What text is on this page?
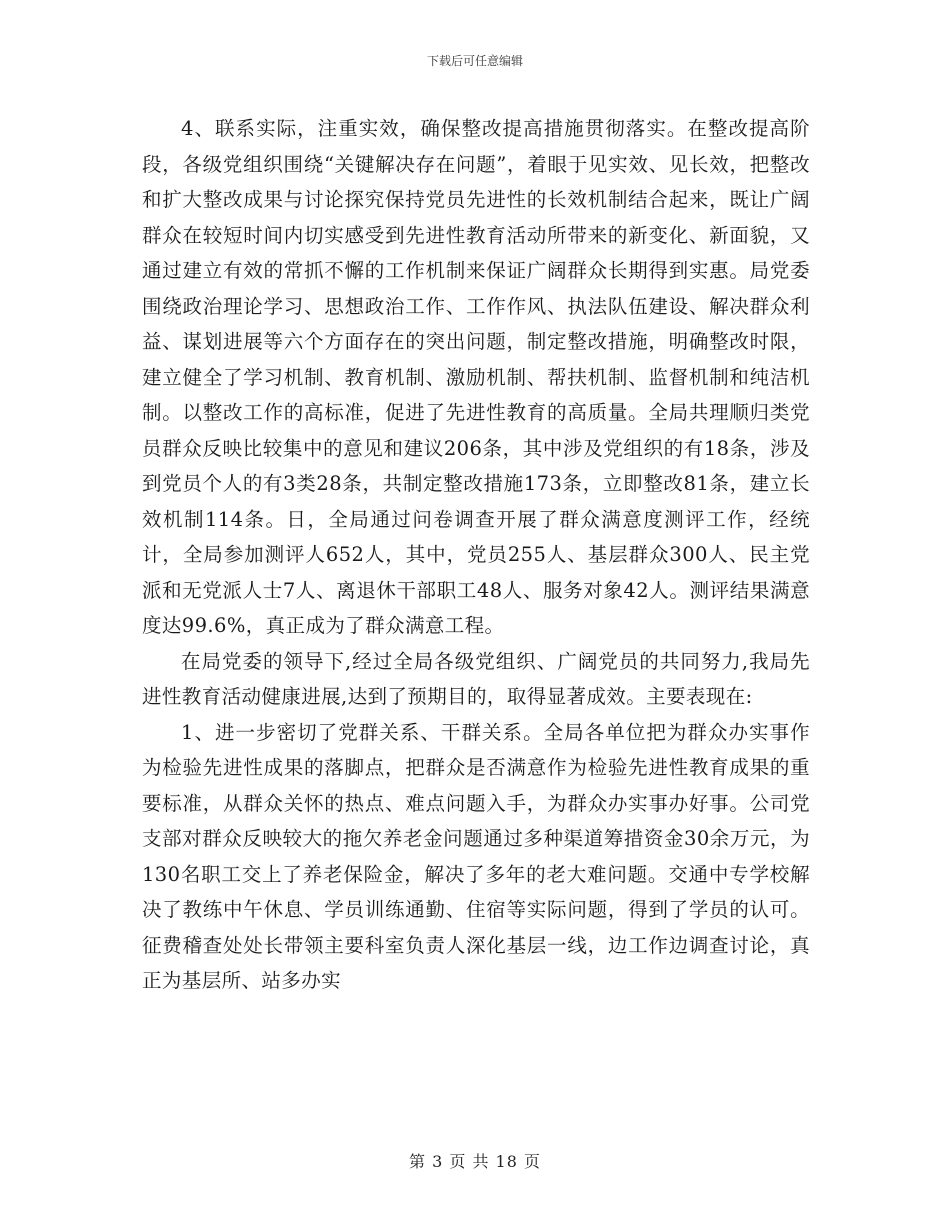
下载后可任意编辑

4、联系实际，注重实效，确保整改提高措施贯彻落实。在整改提高阶段，各级党组织围绕“关键解决存在问题”，着眼于见实效、见长效，把整改和扩大整改成果与讨论探究保持党员先进性的长效机制结合起来，既让广阔群众在较短时间内切实感受到先进性教育活动所带来的新变化、新面貌，又通过建立有效的常抓不懈的工作机制来保证广阔群众长期得到实惠。局党委围绕政治理论学习、思想政治工作、工作作风、执法队伍建设、解决群众利益、谋划进展等六个方面存在的突出问题，制定整改措施，明确整改时限，建立健全了学习机制、教育机制、激励机制、帮扶机制、监督机制和纯洁机制。以整改工作的高标准，促进了先进性教育的高质量。全局共理顺归类党员群众反映比较集中的意见和建议206条，其中涉及党组织的有18条，涉及到党员个人的有3类28条，共制定整改措施173条，立即整改81条，建立长效机制114条。日，全局通过问卷调查开展了群众满意度测评工作，经统计，全局参加测评人652人，其中，党员255人、基层群众300人、民主党派和无党派人士7人、离退休干部职工48人、服务对象42人。测评结果满意度达99.6%，真正成为了群众满意工程。

在局党委的领导下,经过全局各级党组织、广阔党员的共同努力,我局先进性教育活动健康进展,达到了预期目的，取得显著成效。主要表现在:

1、进一步密切了党群关系、干群关系。全局各单位把为群众办实事作为检验先进性成果的落脚点，把群众是否满意作为检验先进性教育成果的重要标准，从群众关怀的热点、难点问题入手，为群众办实事办好事。公司党支部对群众反映较大的拖欠养老金问题通过多种渠道筹措资金30余万元，为130名职工交上了养老保险金，解决了多年的老大难问题。交通中专学校解决了教练中午休息、学员训练通勤、住宿等实际问题，得到了学员的认可。征费稽查处处长带领主要科室负责人深化基层一线，边工作边调查讨论，真正为基层所、站多办实

第 3 页 共 18 页
